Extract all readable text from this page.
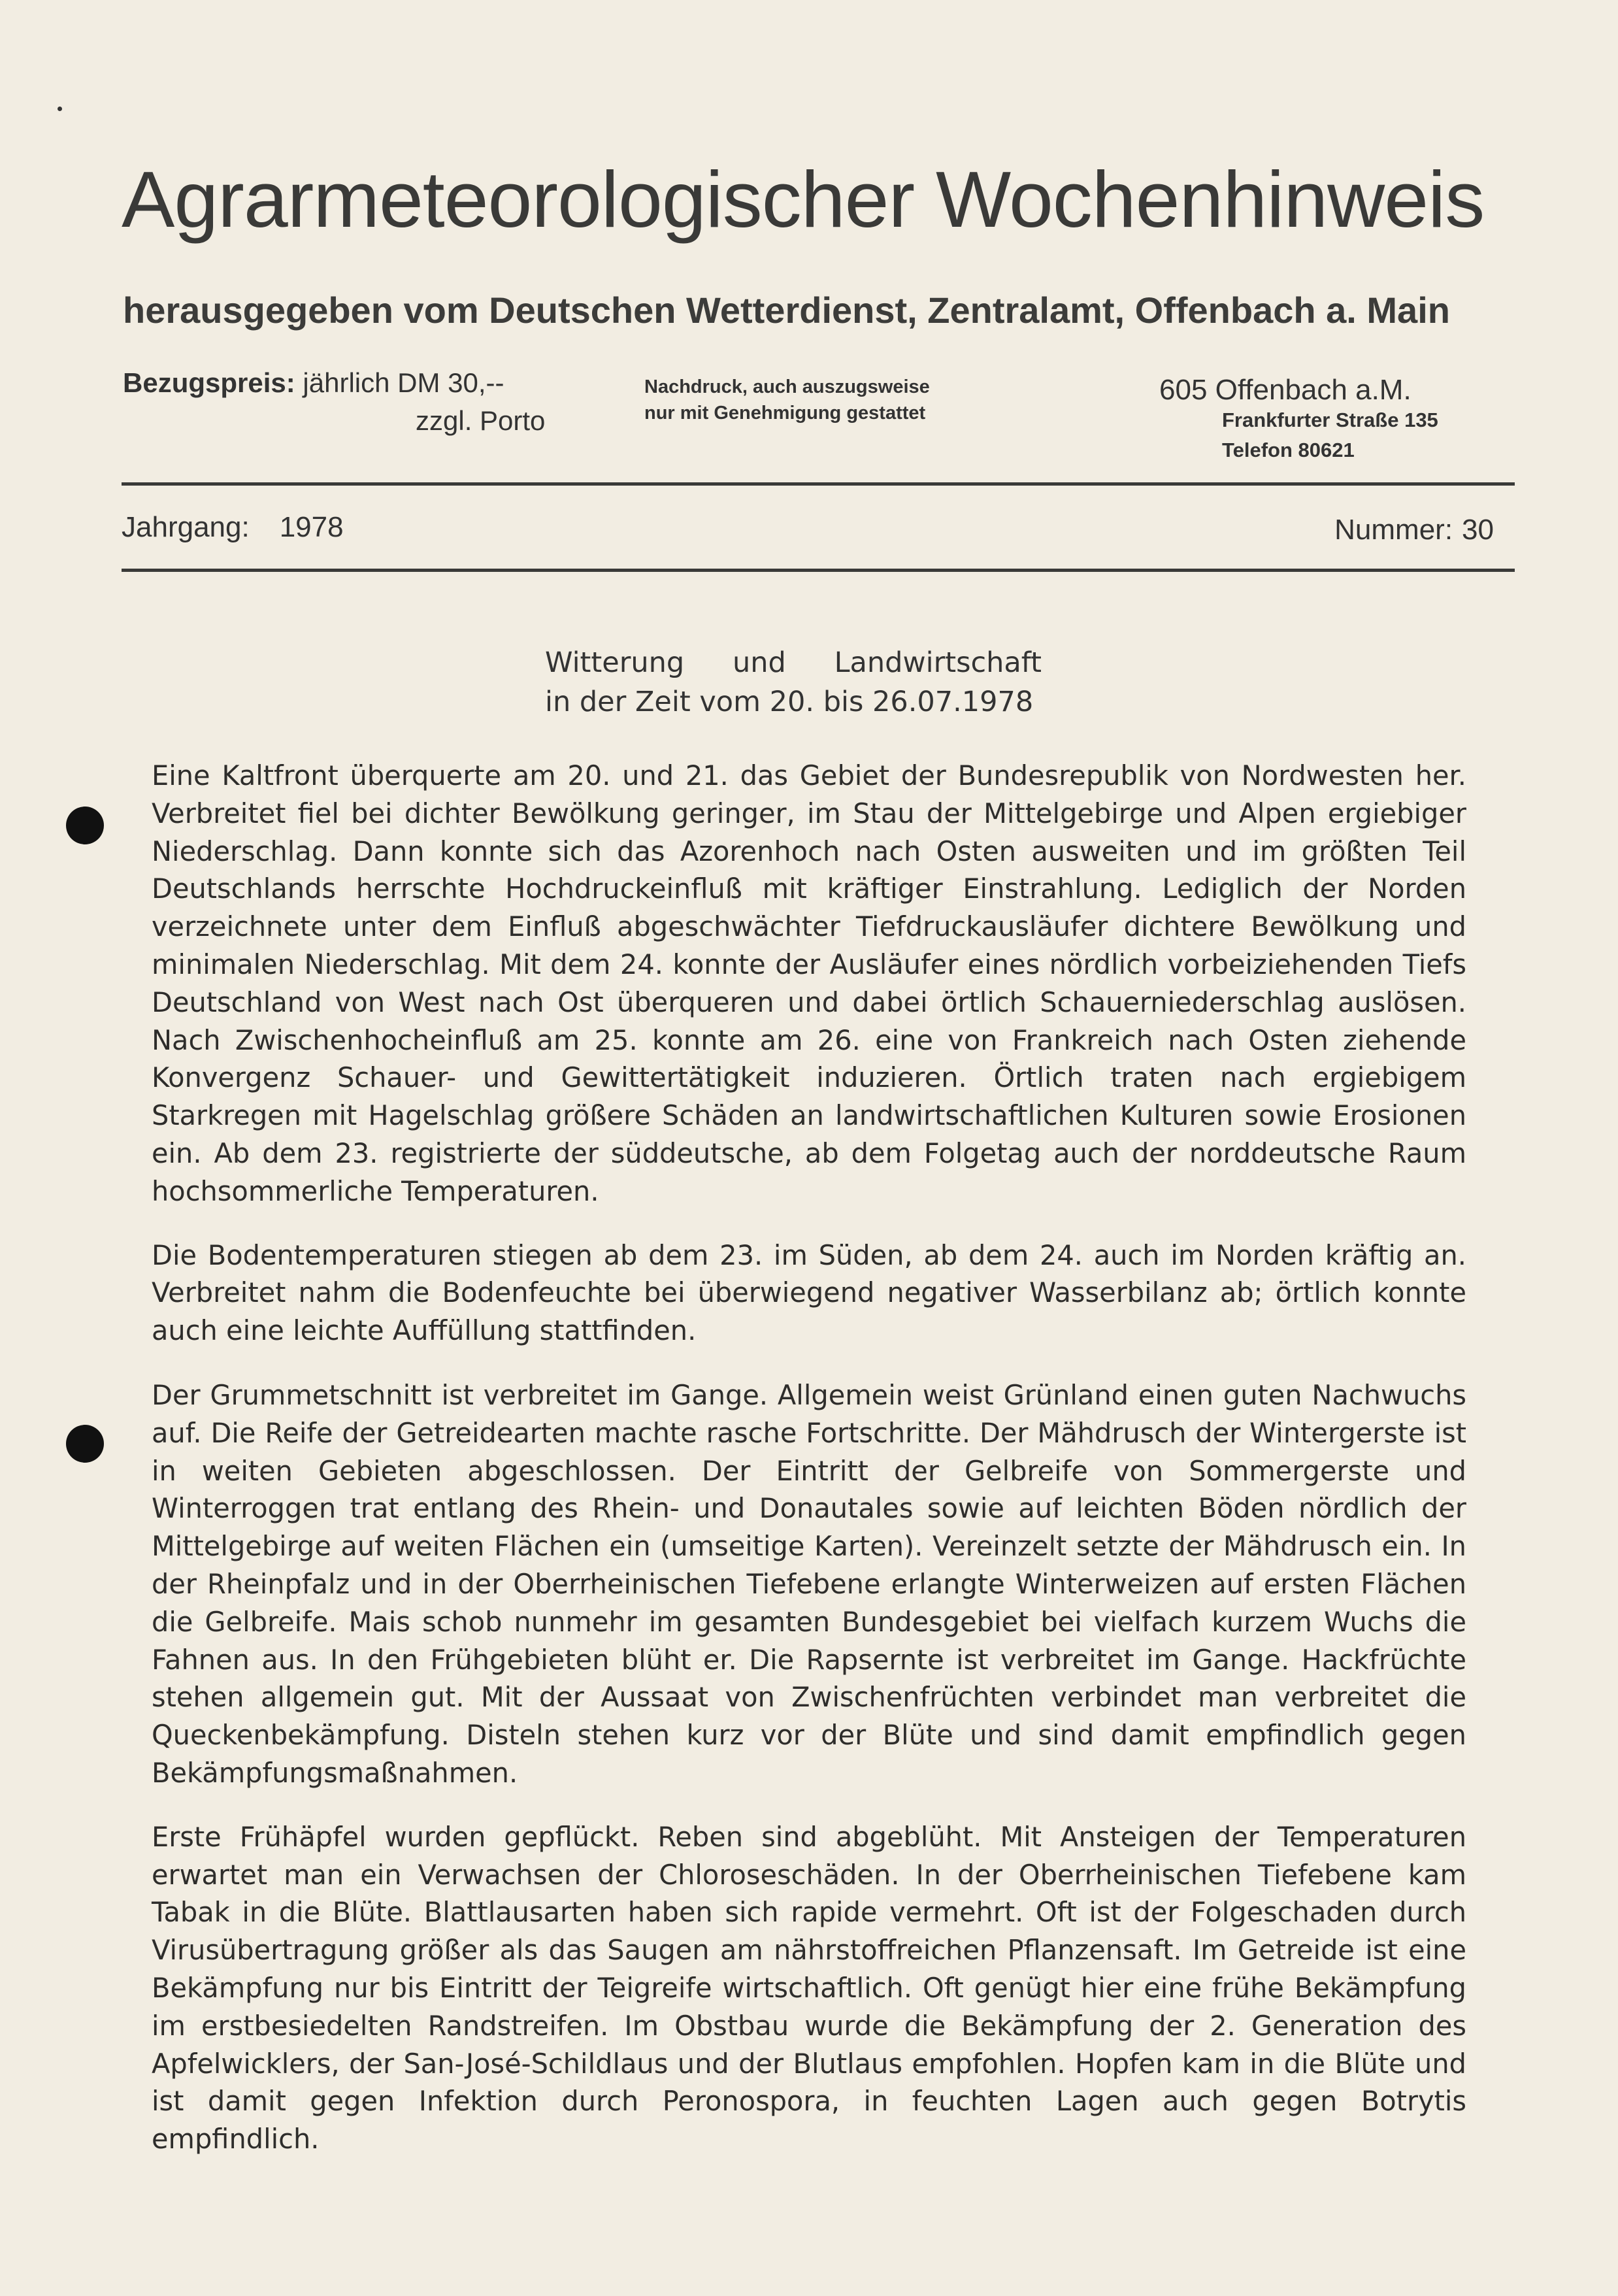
Agrarmeteorologischer Wochenhinweis
herausgegeben vom Deutschen Wetterdienst, Zentralamt, Offenbach a. Main
Bezugspreis: jährlich DM 30,--
zzgl. Porto
Nachdruck, auch auszugsweise
nur mit Genehmigung gestattet
605 Offenbach a.M.
Frankfurter Straße 135
Telefon 80621
Jahrgang: 1978	Nummer: 30
Witterung und Landwirtschaft
in der Zeit vom 20. bis 26.07.1978

Eine Kaltfront überquerte am 20. und 21. das Gebiet der Bundesrepublik von Nordwesten her. Verbreitet fiel bei dichter Bewölkung geringer, im Stau der Mittelgebirge und Alpen ergiebiger Niederschlag. Dann konnte sich das Azorenhoch nach Osten ausweiten und im größten Teil Deutschlands herrschte Hochdruckeinfluß mit kräftiger Einstrahlung. Lediglich der Norden verzeichnete unter dem Einfluß abgeschwächter Tiefdruckausläufer dichtere Bewölkung und minimalen Niederschlag. Mit dem 24. konnte der Ausläufer eines nördlich vorbeiziehenden Tiefs Deutschland von West nach Ost überqueren und dabei örtlich Schauerniederschlag auslösen. Nach Zwischenhocheinfluß am 25. konnte am 26. eine von Frankreich nach Osten ziehende Konvergenz Schauer- und Gewittertätigkeit induzieren. Örtlich traten nach ergiebigem Starkregen mit Hagelschlag größere Schäden an landwirtschaftlichen Kulturen sowie Erosionen ein. Ab dem 23. registrierte der süddeutsche, ab dem Folgetag auch der norddeutsche Raum hochsommerliche Temperaturen.

Die Bodentemperaturen stiegen ab dem 23. im Süden, ab dem 24. auch im Norden kräftig an. Verbreitet nahm die Bodenfeuchte bei überwiegend negativer Wasserbilanz ab; örtlich konnte auch eine leichte Auffüllung stattfinden.

Der Grummetschnitt ist verbreitet im Gange. Allgemein weist Grünland einen guten Nachwuchs auf. Die Reife der Getreidearten machte rasche Fortschritte. Der Mähdrusch der Wintergerste ist in weiten Gebieten abgeschlossen. Der Eintritt der Gelbreife von Sommergerste und Winterroggen trat entlang des Rhein- und Donautales sowie auf leichten Böden nördlich der Mittelgebirge auf weiten Flächen ein (umseitige Karten). Vereinzelt setzte der Mähdrusch ein. In der Rheinpfalz und in der Oberrheinischen Tiefebene erlangte Winterweizen auf ersten Flächen die Gelbreife. Mais schob nunmehr im gesamten Bundesgebiet bei vielfach kurzem Wuchs die Fahnen aus. In den Frühgebieten blüht er. Die Rapsernte ist verbreitet im Gange. Hackfrüchte stehen allgemein gut. Mit der Aussaat von Zwischenfrüchten verbindet man verbreitet die Queckenbekämpfung. Disteln stehen kurz vor der Blüte und sind damit empfindlich gegen Bekämpfungsmaßnahmen.

Erste Frühäpfel wurden gepflückt. Reben sind abgeblüht. Mit Ansteigen der Temperaturen erwartet man ein Verwachsen der Chloroseschäden. In der Oberrheinischen Tiefebene kam Tabak in die Blüte. Blattlausarten haben sich rapide vermehrt. Oft ist der Folgeschaden durch Virusübertragung größer als das Saugen am nährstoffreichen Pflanzensaft. Im Getreide ist eine Bekämpfung nur bis Eintritt der Teigreife wirtschaftlich. Oft genügt hier eine frühe Bekämpfung im erstbesiedelten Randstreifen. Im Obstbau wurde die Bekämpfung der 2. Generation des Apfelwicklers, der San-José-Schildlaus und der Blutlaus empfohlen. Hopfen kam in die Blüte und ist damit gegen Infektion durch Peronospora, in feuchten Lagen auch gegen Botrytis empfindlich.
